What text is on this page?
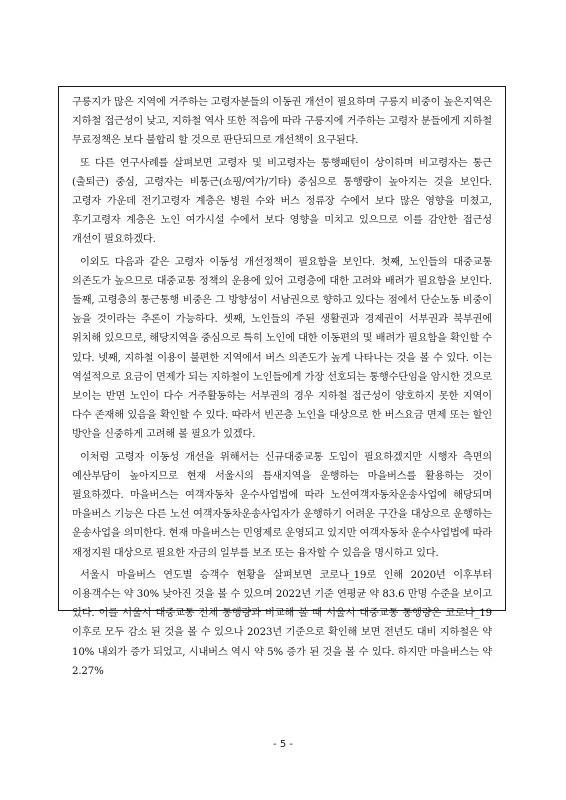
구릉지가 많은 지역에 거주하는 고령자분들의 이동권 개선이 필요하며 구릉지 비중이 높은지역은 지하철 접근성이 낮고, 지하철 역사 또한 적음에 따라 구릉지에 거주하는 고령자 분들에게 지하철 무료정책은 보다 불합리 할 것으로 판단되므로 개선책이 요구된다.

또 다른 연구사례를 살펴보면 고령자 및 비고령자는 통행패턴이 상이하며 비고령자는 통근(출퇴근) 중심, 고령자는 비통근(쇼핑/여가/기타) 중심으로 통행량이 높아지는 것을 보인다. 고령자 가운데 전기고령자 계층은 병원 수와 버스 정류장 수에서 보다 많은 영향을 미쳤고, 후기고령자 계층은 노인 여가시설 수에서 보다 영향을 미치고 있으므로 이를 감안한 접근성 개선이 필요하겠다.

이외도 다음과 같은 고령자 이동성 개선정책이 필요함을 보인다. 첫째, 노인들의 대중교통 의존도가 높으므로 대중교통 정책의 운용에 있어 고령층에 대한 고려와 배려가 필요함을 보인다. 둘째, 고령층의 통근통행 비중은 그 방향성이 서남권으로 향하고 있다는 점에서 단순노동 비중이 높을 것이라는 추론이 가능하다. 셋째, 노인들의 주된 생활권과 경제권이 서부권과 북부권에 위치해 있으므로, 해당지역을 중심으로 특히 노인에 대한 이동편의 및 배려가 필요함을 확인할 수 있다. 넷째, 지하철 이용이 불편한 지역에서 버스 의존도가 높게 나타나는 것을 볼 수 있다. 이는 역설적으로 요금이 면제가 되는 지하철이 노인들에게 가장 선호되는 통행수단임을 암시한 것으로 보이는 반면 노인이 다수 거주활동하는 서부권의 경우 지하철 접근성이 양호하지 못한 지역이 다수 존재해 있음을 확인할 수 있다. 따라서 빈곤층 노인을 대상으로 한 버스요금 면제 또는 할인 방안을 신중하게 고려해 볼 필요가 있겠다.

이처럼 고령자 이동성 개선을 위해서는 신규대중교통 도입이 필요하겠지만 시행자 측면의 예산부담이 높아지므로 현재 서울시의 틈새지역을 운행하는 마을버스를 활용하는 것이 필요하겠다. 마을버스는 여객자동차 운수사업법에 따라 노선여객자동차운송사업에 해당되며 마을버스 기능은 다른 노선 여객자동차운송사업자가 운행하기 어려운 구간을 대상으로 운행하는 운송사업을 의미한다. 현재 마을버스는 민영제로 운영되고 있지만 여객자동차 운수사업법에 따라 재정지원 대상으로 필요한 자금의 일부를 보조 또는 융자할 수 있음을 명시하고 있다.

서울시 마을버스 연도별 승객수 현황을 살펴보면 코로나_19로 인해 2020년 이후부터 이용객수는 약 30% 낮아진 것을 볼 수 있으며 2022년 기준 연평균 약 83.6 만명 수준을 보이고 있다. 이를 서울시 대중교통 전체 통행량과 비교해 볼 때 서울시 대중교통 통행량은 코로나_19 이후로 모두 감소 된 것을 볼 수 있으나 2023년 기준으로 확인해 보면 전년도 대비 지하철은 약 10% 내외가 증가 되었고, 시내버스 역시 약 5% 증가 된 것을 볼 수 있다. 하지만 마을버스는 약 2.27%

- 5 -
